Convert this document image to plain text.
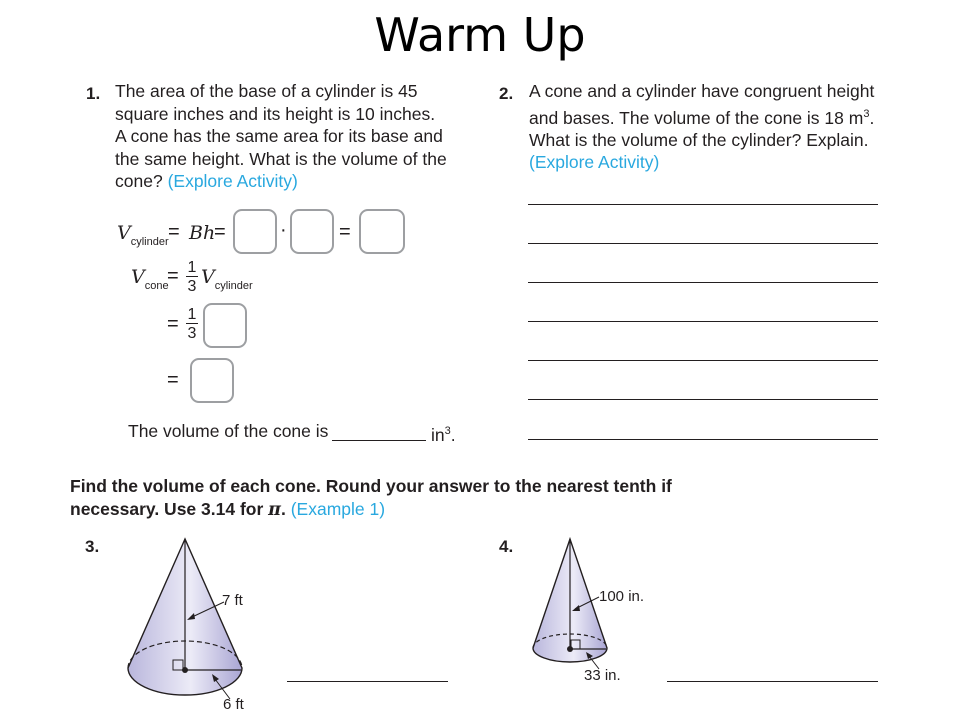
Warm Up
1. The area of the base of a cylinder is 45
square inches and its height is 10 inches.
A cone has the same area for its base and
the same height. What is the volume of the
cone? (Explore Activity)
$V_{cylinder} = Bh$
=	·	=
$V_{cone}$
= 1
3 $V_{cylinder}$
= 1
3
=
The volume of the cone is	$in^3$.
2. A cone and a cylinder have congruent height
and bases. The volume of the cone is 18 $m^3$.
What is the volume of the cylinder? Explain.
(Explore Activity)
Find the volume of each cone. Round your answer to the nearest tenth if
necessary. Use 3.14 for π. (Example 1)
3.
7 ft
6 ft
4.
100 in.
33 in.
